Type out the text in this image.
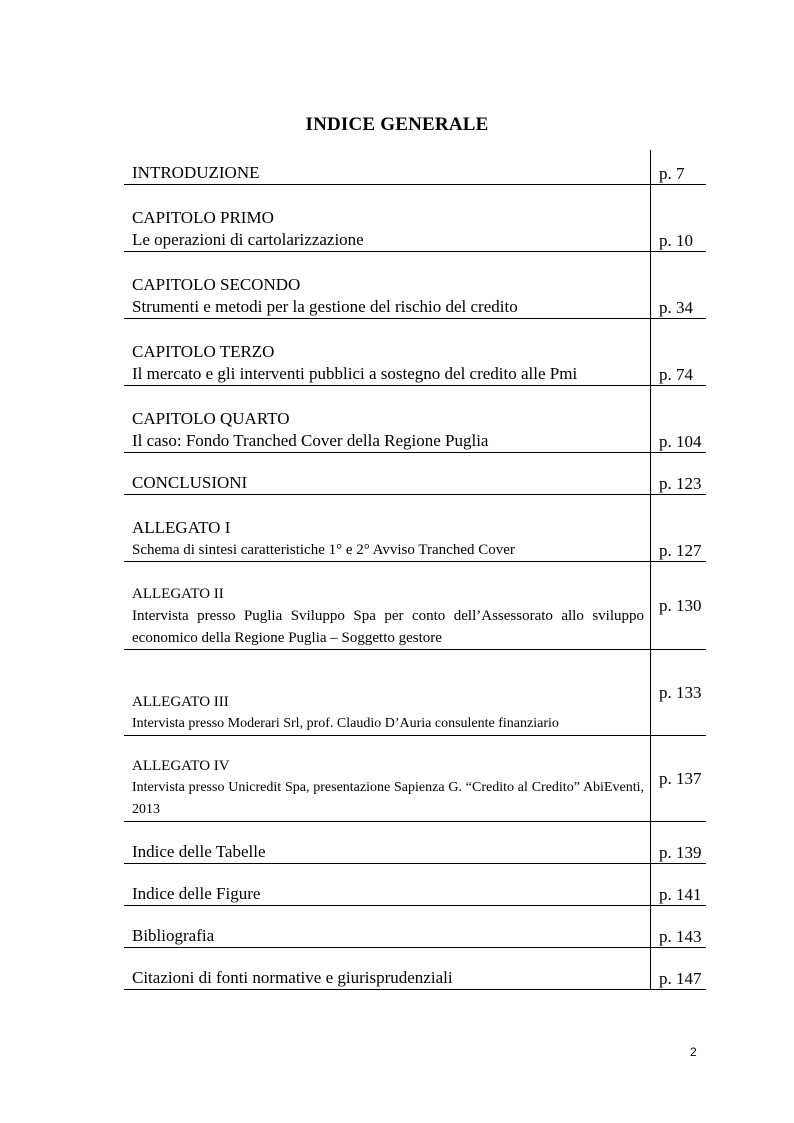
INDICE GENERALE
INTRODUZIONE	p. 7

CAPITOLO PRIMO
Le operazioni di cartolarizzazione	p. 10

CAPITOLO SECONDO
Strumenti e metodi per la gestione del rischio del credito	p. 34

CAPITOLO TERZO
Il mercato e gli interventi pubblici a sostegno del credito alle Pmi	p. 74

CAPITOLO QUARTO
Il caso: Fondo Tranched Cover della Regione Puglia	p. 104

CONCLUSIONI	p. 123

ALLEGATO I
Schema di sintesi caratteristiche 1° e 2° Avviso Tranched Cover	p. 127

ALLEGATO II
Intervista presso Puglia Sviluppo Spa per conto dell’Assessorato allo sviluppo economico della Regione Puglia – Soggetto gestore	p. 130

ALLEGATO III
Intervista presso Moderari Srl, prof. Claudio D’Auria consulente finanziario	p. 133

ALLEGATO IV
Intervista presso Unicredit Spa, presentazione Sapienza G. “Credito al Credito” AbiEventi, 2013	p. 137

Indice delle Tabelle	p. 139

Indice delle Figure	p. 141

Bibliografia	p. 143

Citazioni di fonti normative e giurisprudenziali	p. 147
2
